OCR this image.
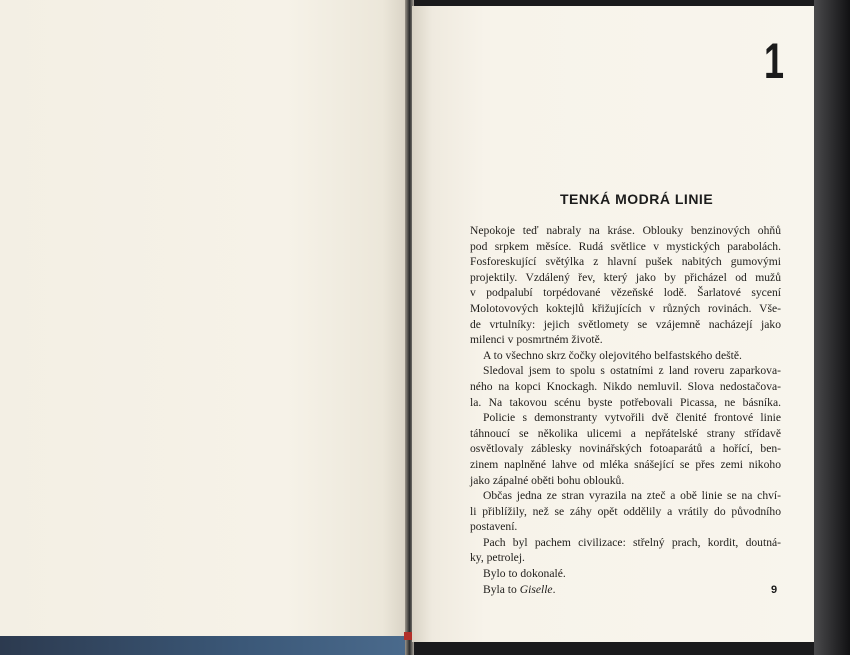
1
TENKÁ MODRÁ LINIE
Nepokoje teď nabraly na kráse. Oblouky benzinových ohňů
pod srpkem měsíce. Rudá světlice v mystických parabolách.
Fosforeskující světýlka z hlavní pušek nabitých gumovými
projektily. Vzdálený řev, který jako by přicházel od mužů
v podpalubí torpédované vězeňské lodě. Šarlatové sycení
Molotovových koktejlů křižujících v různých rovinách. Vše-
de vrtulníky: jejich světlomety se vzájemně nacházejí jako
milenci v posmrtném životě.
A to všechno skrz čočky olejovitého belfastského deště.
Sledoval jsem to spolu s ostatními z land roveru zaparkova-
ného na kopci Knockagh. Nikdo nemluvil. Slova nedostačova-
la. Na takovou scénu byste potřebovali Picassa, ne básníka.
Policie s demonstranty vytvořili dvě členité frontové linie
táhnoucí se několika ulicemi a nepřátelské strany střídavě
osvětlovaly záblesky novinářských fotoaparátů a hořící, ben-
zinem naplněné lahve od mléka snášející se přes zemi nikoho
jako zápalné oběti bohu oblouků.
Občas jedna ze stran vyrazila na zteč a obě linie se na chví-
li přiblížily, než se záhy opět oddělily a vrátily do původního
postavení.
Pach byl pachem civilizace: střelný prach, kordit, doutná-
ky, petrolej.
Bylo to dokonalé.
Byla to Giselle.	9
